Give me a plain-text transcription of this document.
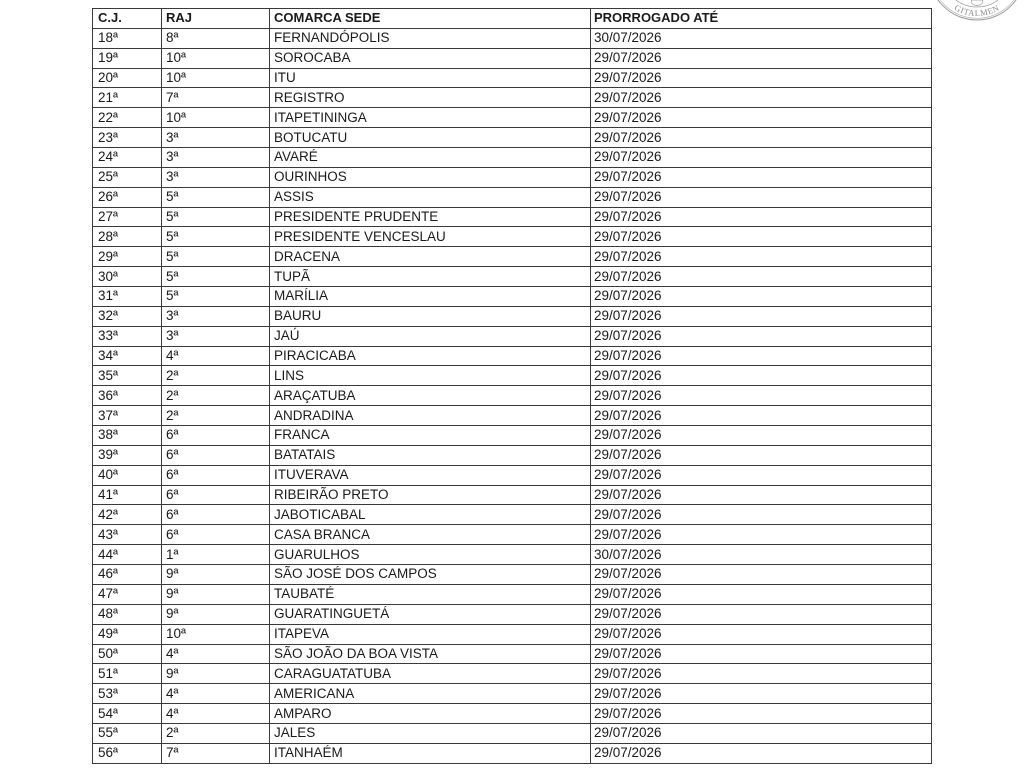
GITALMEN
C.J.	RAJ	COMARCA SEDE	PRORROGADO ATÉ
18ª	8ª	FERNANDÓPOLIS	30/07/2026
19ª	10ª	SOROCABA	29/07/2026
20ª	10ª	ITU	29/07/2026
21ª	7ª	REGISTRO	29/07/2026
22ª	10ª	ITAPETININGA	29/07/2026
23ª	3ª	BOTUCATU	29/07/2026
24ª	3ª	AVARÉ	29/07/2026
25ª	3ª	OURINHOS	29/07/2026
26ª	5ª	ASSIS	29/07/2026
27ª	5ª	PRESIDENTE PRUDENTE	29/07/2026
28ª	5ª	PRESIDENTE VENCESLAU	29/07/2026
29ª	5ª	DRACENA	29/07/2026
30ª	5ª	TUPÃ	29/07/2026
31ª	5ª	MARÍLIA	29/07/2026
32ª	3ª	BAURU	29/07/2026
33ª	3ª	JAÚ	29/07/2026
34ª	4ª	PIRACICABA	29/07/2026
35ª	2ª	LINS	29/07/2026
36ª	2ª	ARAÇATUBA	29/07/2026
37ª	2ª	ANDRADINA	29/07/2026
38ª	6ª	FRANCA	29/07/2026
39ª	6ª	BATATAIS	29/07/2026
40ª	6ª	ITUVERAVA	29/07/2026
41ª	6ª	RIBEIRÃO PRETO	29/07/2026
42ª	6ª	JABOTICABAL	29/07/2026
43ª	6ª	CASA BRANCA	29/07/2026
44ª	1ª	GUARULHOS	30/07/2026
46ª	9ª	SÃO JOSÉ DOS CAMPOS	29/07/2026
47ª	9ª	TAUBATÉ	29/07/2026
48ª	9ª	GUARATINGUETÁ	29/07/2026
49ª	10ª	ITAPEVA	29/07/2026
50ª	4ª	SÃO JOÃO DA BOA VISTA	29/07/2026
51ª	9ª	CARAGUATATUBA	29/07/2026
53ª	4ª	AMERICANA	29/07/2026
54ª	4ª	AMPARO	29/07/2026
55ª	2ª	JALES	29/07/2026
56ª	7ª	ITANHAÉM	29/07/2026
